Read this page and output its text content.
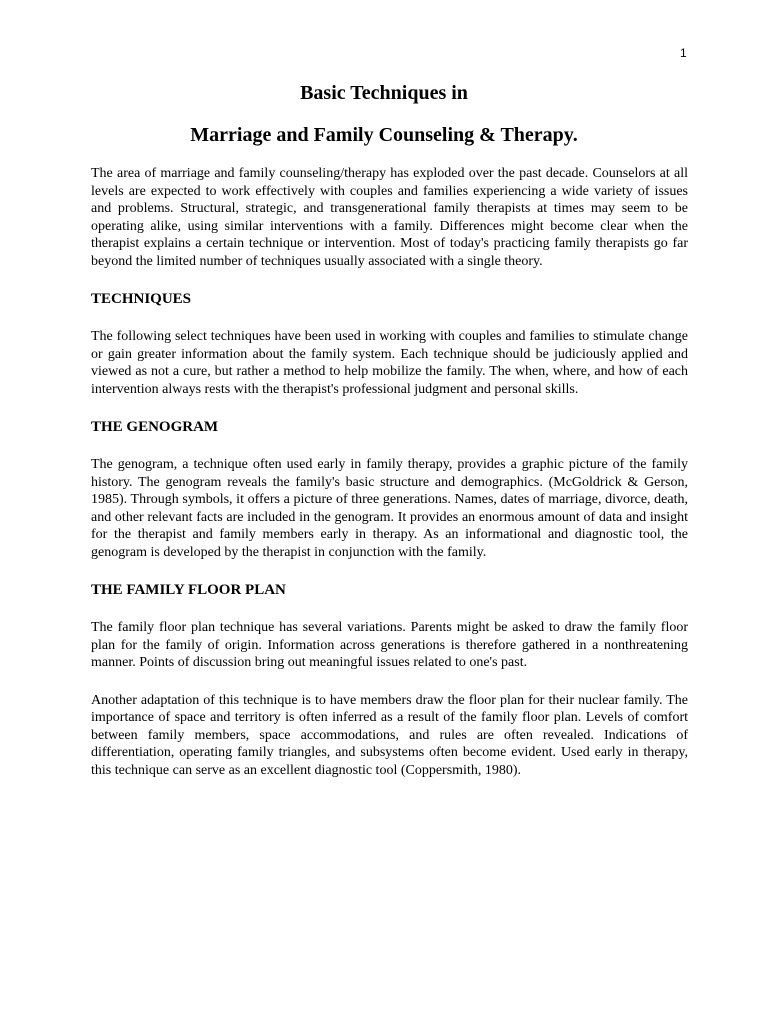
1
Basic Techniques in
Marriage and Family Counseling & Therapy.

The area of marriage and family counseling/therapy has exploded over the past decade. Counselors at all levels are expected to work effectively with couples and families experiencing a wide variety of issues and problems. Structural, strategic, and transgenerational family therapists at times may seem to be operating alike, using similar interventions with a family. Differences might become clear when the therapist explains a certain technique or intervention. Most of today's practicing family therapists go far beyond the limited number of techniques usually associated with a single theory.

TECHNIQUES

The following select techniques have been used in working with couples and families to stimulate change or gain greater information about the family system. Each technique should be judiciously applied and viewed as not a cure, but rather a method to help mobilize the family. The when, where, and how of each intervention always rests with the therapist's professional judgment and personal skills.

THE GENOGRAM

The genogram, a technique often used early in family therapy, provides a graphic picture of the family history. The genogram reveals the family's basic structure and demographics. (McGoldrick & Gerson, 1985). Through symbols, it offers a picture of three generations. Names, dates of marriage, divorce, death, and other relevant facts are included in the genogram. It provides an enormous amount of data and insight for the therapist and family members early in therapy. As an informational and diagnostic tool, the genogram is developed by the therapist in conjunction with the family.

THE FAMILY FLOOR PLAN

The family floor plan technique has several variations. Parents might be asked to draw the family floor plan for the family of origin. Information across generations is therefore gathered in a nonthreatening manner. Points of discussion bring out meaningful issues related to one's past.

Another adaptation of this technique is to have members draw the floor plan for their nuclear family. The importance of space and territory is often inferred as a result of the family floor plan. Levels of comfort between family members, space accommodations, and rules are often revealed. Indications of differentiation, operating family triangles, and subsystems often become evident. Used early in therapy, this technique can serve as an excellent diagnostic tool (Coppersmith, 1980).
